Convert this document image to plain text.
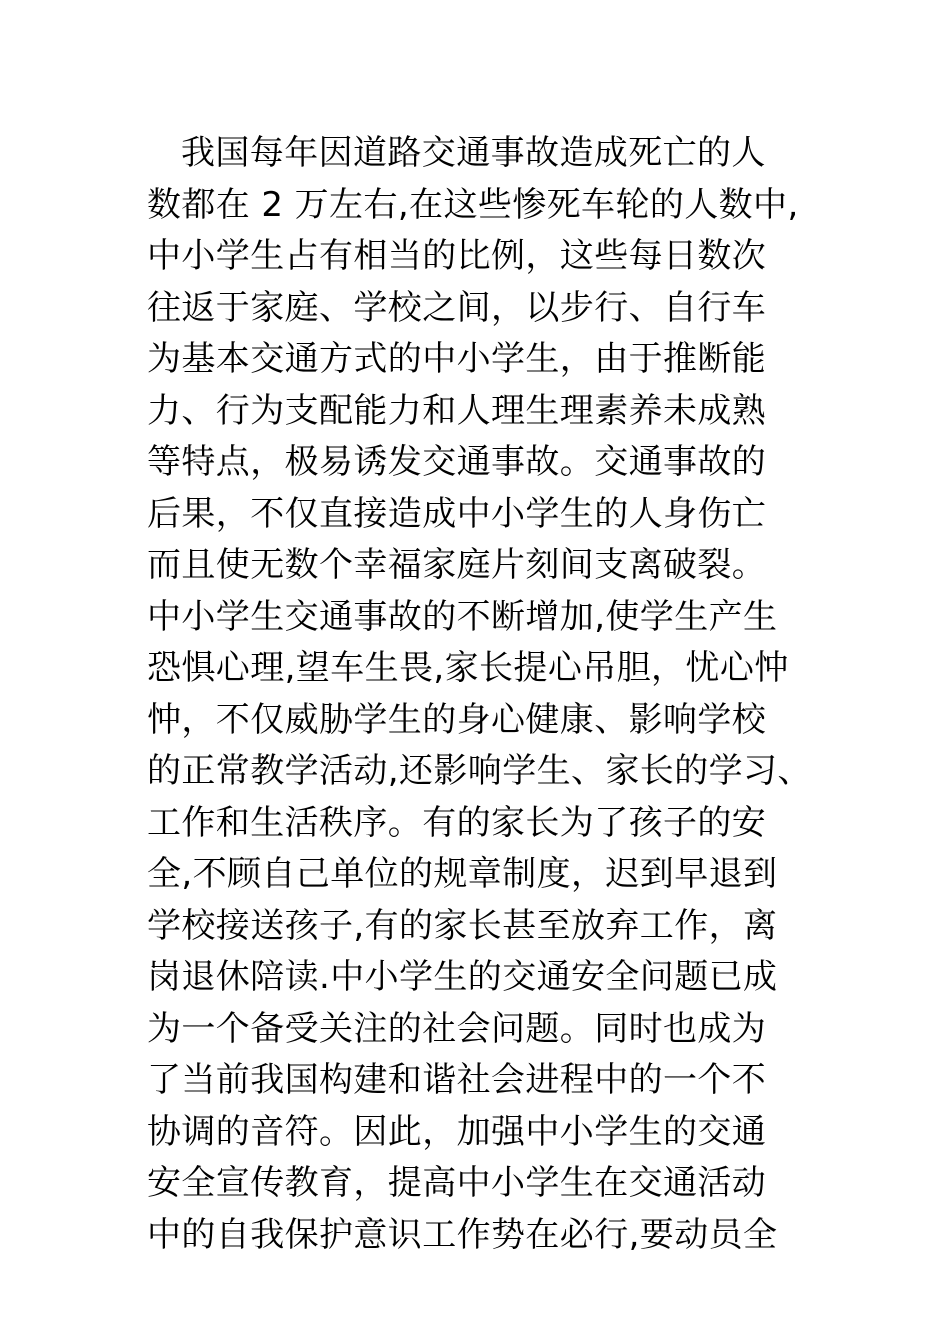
我国每年因道路交通事故造成死亡的人
数都在 2 万左右,在这些惨死车轮的人数中,
中小学生占有相当的比例，这些每日数次
往返于家庭、学校之间，以步行、自行车
为基本交通方式的中小学生，由于推断能
力、行为支配能力和人理生理素养未成熟
等特点，极易诱发交通事故。交通事故的
后果，不仅直接造成中小学生的人身伤亡
而且使无数个幸福家庭片刻间支离破裂。
中小学生交通事故的不断增加,使学生产生
恐惧心理,望车生畏,家长提心吊胆，忧心忡
忡，不仅威胁学生的身心健康、影响学校
的正常教学活动,还影响学生、家长的学习、
工作和生活秩序。有的家长为了孩子的安
全,不顾自己单位的规章制度，迟到早退到
学校接送孩子,有的家长甚至放弃工作，离
岗退休陪读.中小学生的交通安全问题已成
为一个备受关注的社会问题。同时也成为
了当前我国构建和谐社会进程中的一个不
协调的音符。因此，加强中小学生的交通
安全宣传教育，提高中小学生在交通活动
中的自我保护意识工作势在必行,要动员全
